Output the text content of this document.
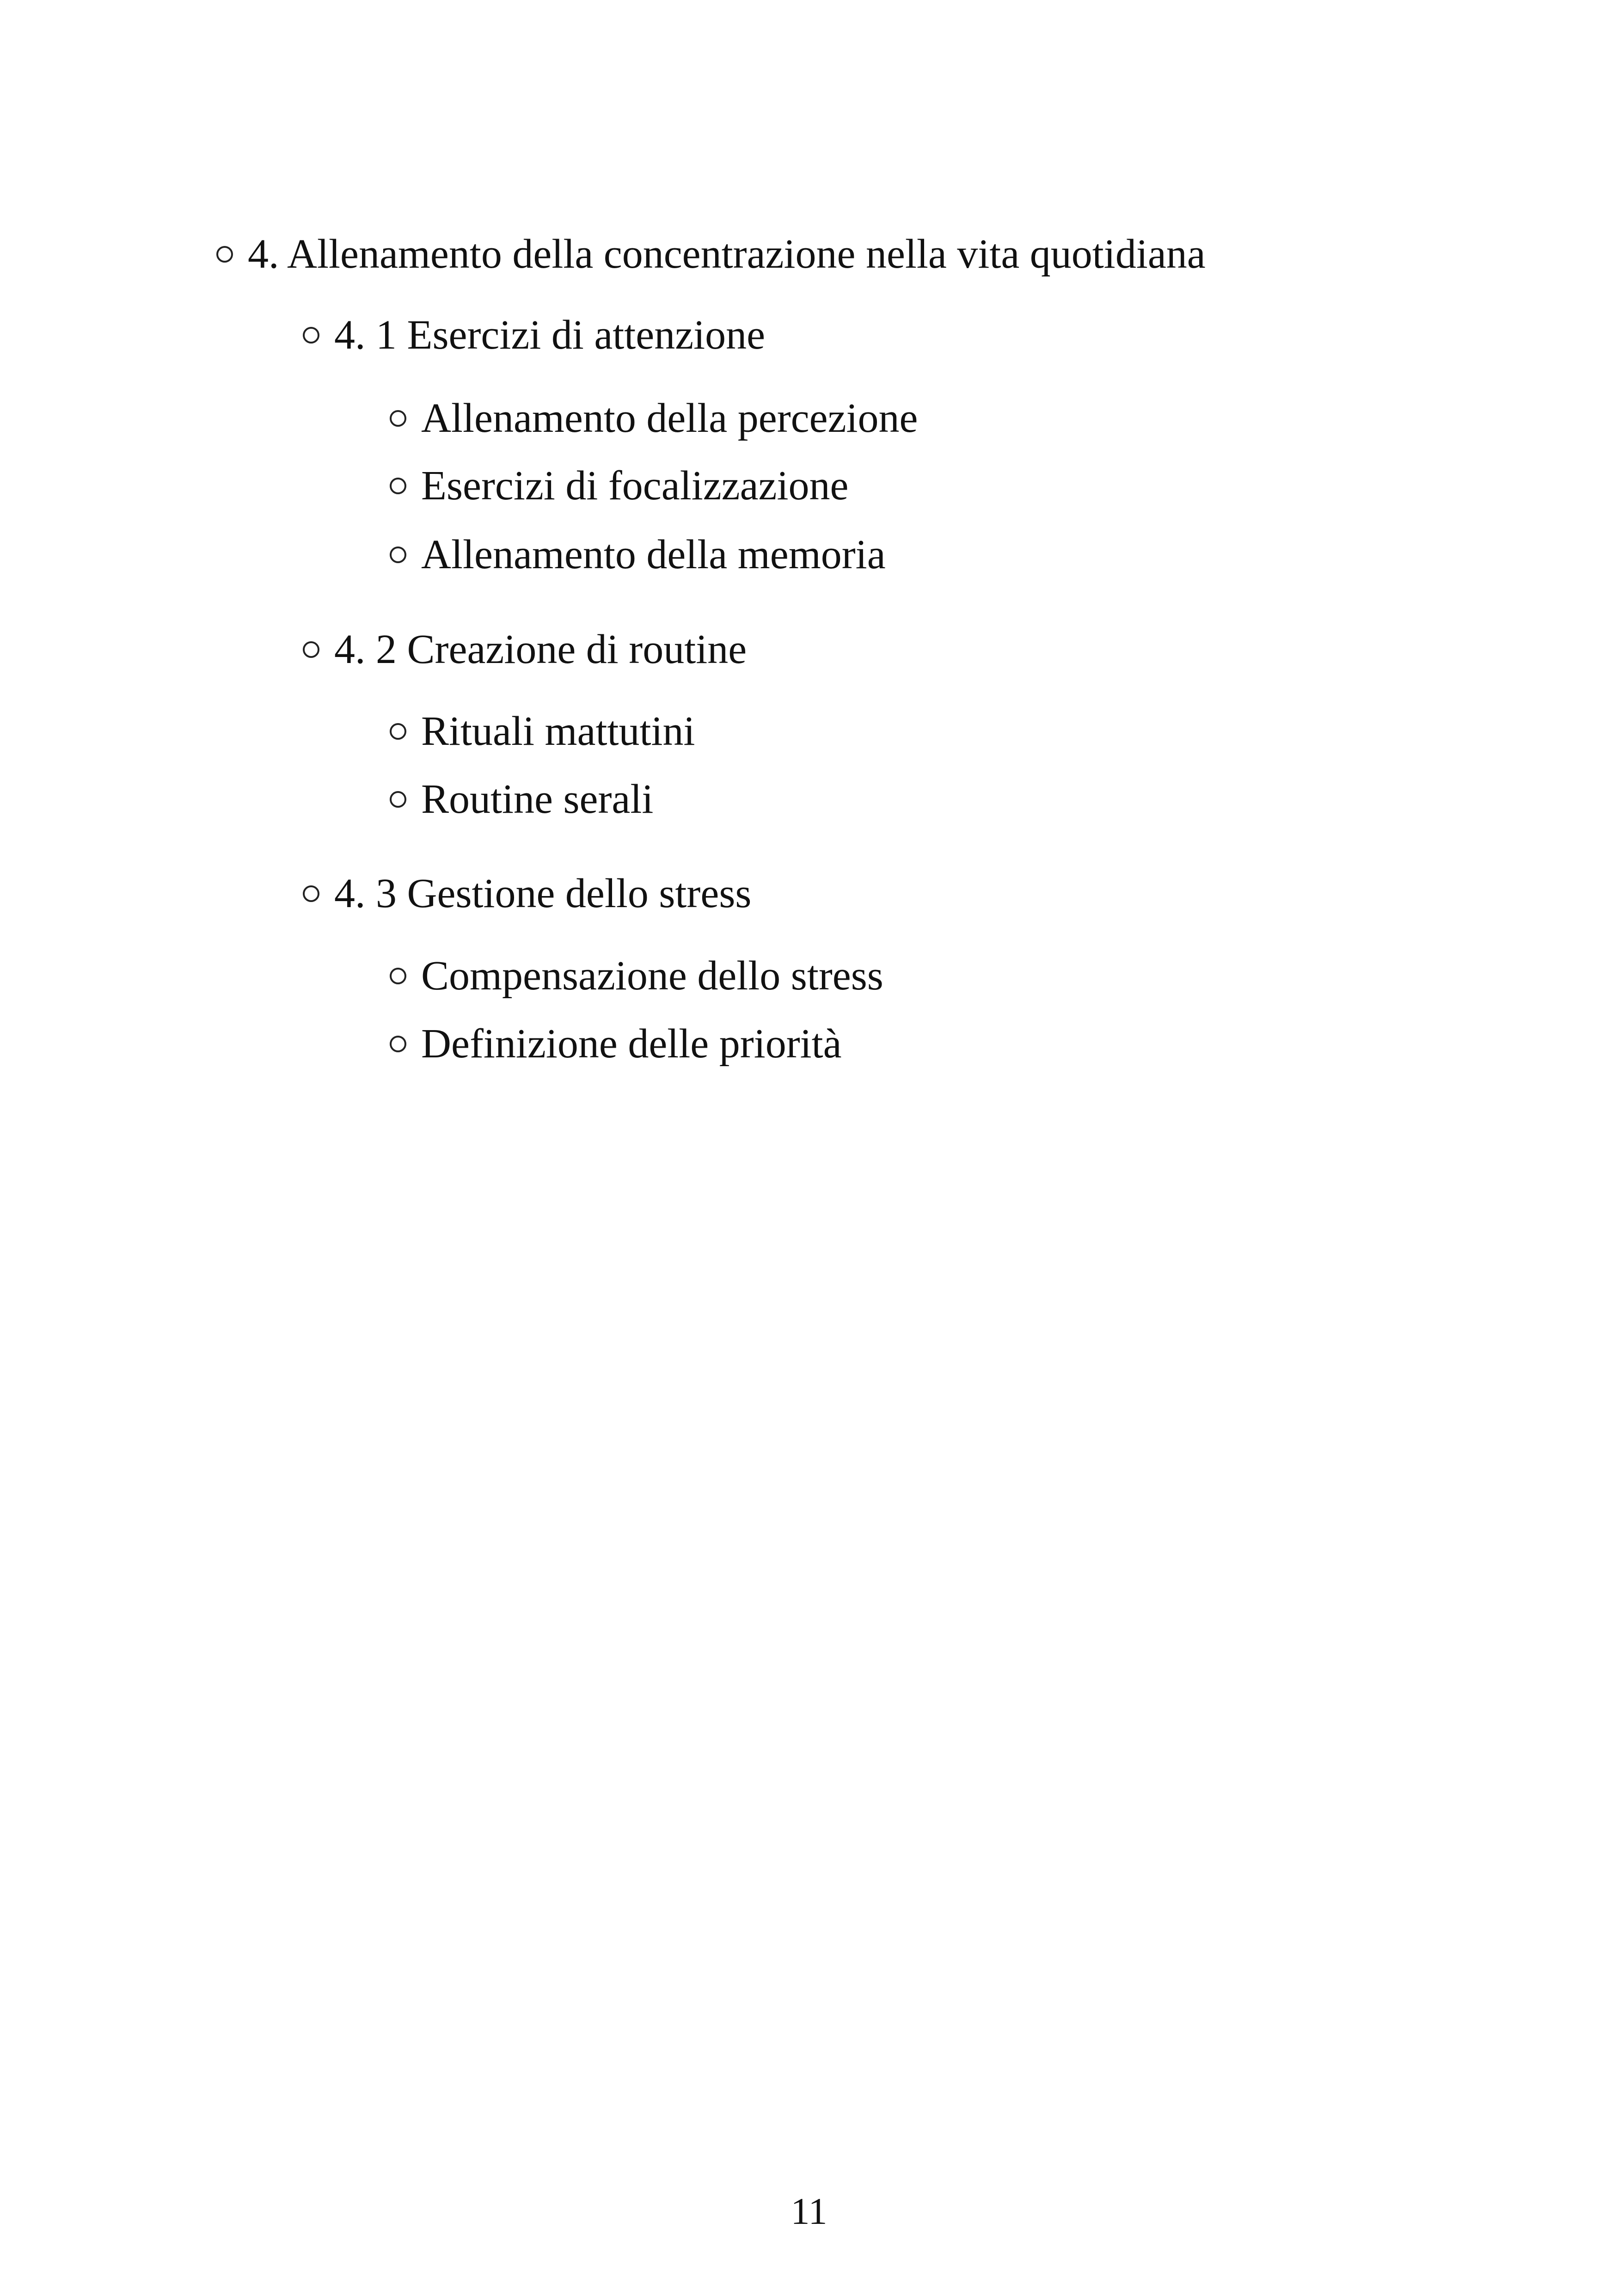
4. Allenamento della concentrazione nella vita quotidiana
4. 1 Esercizi di attenzione
Allenamento della percezione
Esercizi di focalizzazione
Allenamento della memoria
4. 2 Creazione di routine
Rituali mattutini
Routine serali
4. 3 Gestione dello stress
Compensazione dello stress
Definizione delle priorità
11
